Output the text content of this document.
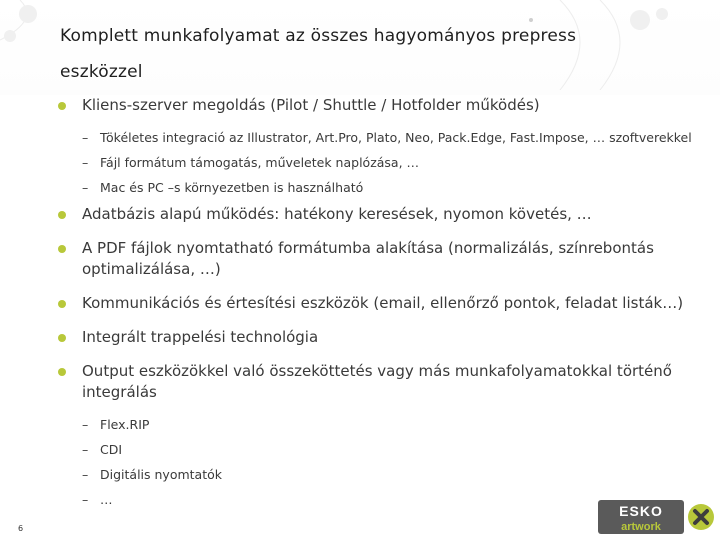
Komplett munkafolyamat az összes hagyományos prepress eszközzel
Kliens-szerver megoldás (Pilot / Shuttle / Hotfolder működés)
– Tökéletes integració az Illustrator, Art.Pro, Plato, Neo, Pack.Edge, Fast.Impose, … szoftverekkel
– Fájl formátum támogatás, műveletek naplózása, …
– Mac és PC –s környezetben is használható
Adatbázis alapú működés: hatékony keresések, nyomon követés, …
A PDF fájlok nyomtatható formátumba alakítása (normalizálás, színrebontás optimalizálása, …)
Kommunikációs és értesítési eszközök (email, ellenőrző pontok, feladat listák…)
Integrált trappelési technológia
Output eszközökkel való összeköttetés vagy más munkafolyamatokkal történő integrálás
– Flex.RIP
– CDI
– Digitális nyomtatók
– …
6
ESKO
artwork
